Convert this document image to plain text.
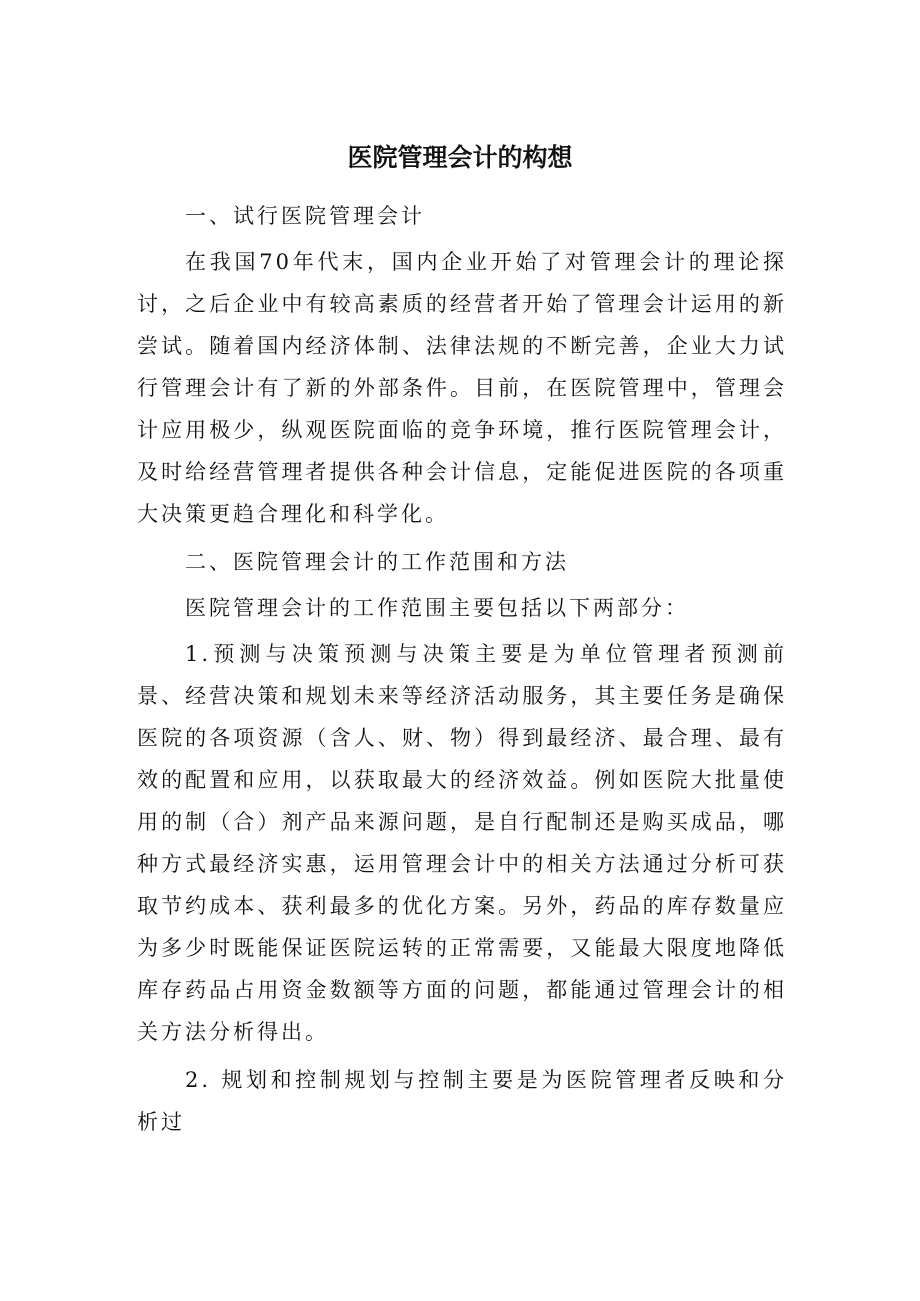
医院管理会计的构想

一、试行医院管理会计

在我国70年代末，国内企业开始了对管理会计的理论探讨，之后企业中有较高素质的经营者开始了管理会计运用的新尝试。随着国内经济体制、法律法规的不断完善，企业大力试行管理会计有了新的外部条件。目前，在医院管理中，管理会计应用极少，纵观医院面临的竞争环境，推行医院管理会计，及时给经营管理者提供各种会计信息，定能促进医院的各项重大决策更趋合理化和科学化。

二、医院管理会计的工作范围和方法

医院管理会计的工作范围主要包括以下两部分：

1.预测与决策预测与决策主要是为单位管理者预测前景、经营决策和规划未来等经济活动服务，其主要任务是确保医院的各项资源（含人、财、物）得到最经济、最合理、最有效的配置和应用，以获取最大的经济效益。例如医院大批量使用的制（合）剂产品来源问题，是自行配制还是购买成品，哪种方式最经济实惠，运用管理会计中的相关方法通过分析可获取节约成本、获利最多的优化方案。另外，药品的库存数量应为多少时既能保证医院运转的正常需要，又能最大限度地降低库存药品占用资金数额等方面的问题，都能通过管理会计的相关方法分析得出。

2. 规划和控制规划与控制主要是为医院管理者反映和分析过
